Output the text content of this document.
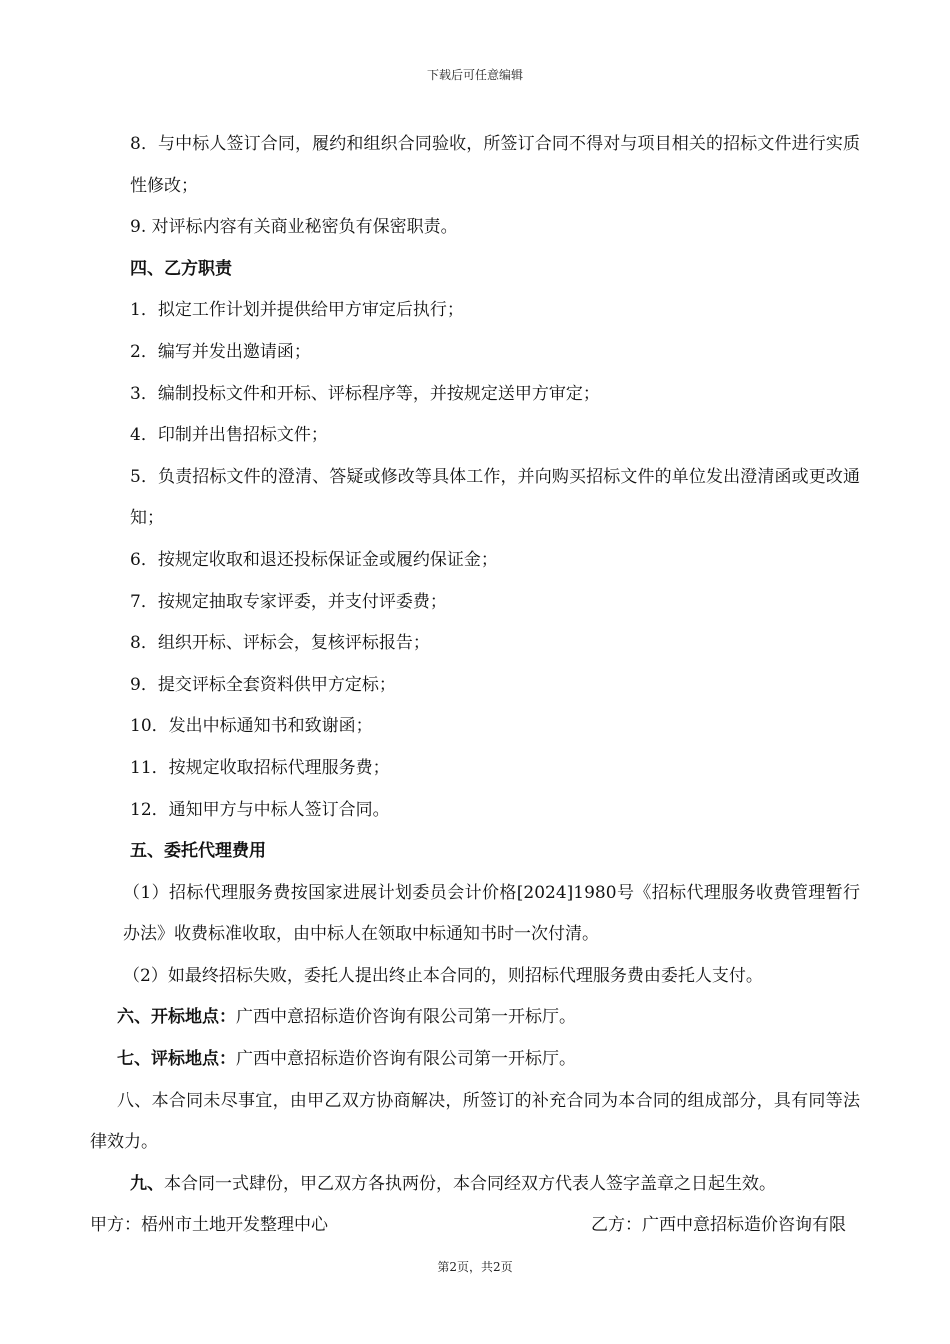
下载后可任意编辑

8．与中标人签订合同，履约和组织合同验收，所签订合同不得对与项目相关的招标文件进行实质性修改；

9. 对评标内容有关商业秘密负有保密职责。

四、乙方职责

1．拟定工作计划并提供给甲方审定后执行；

2．编写并发出邀请函；

3．编制投标文件和开标、评标程序等，并按规定送甲方审定；

4．印制并出售招标文件；

5．负责招标文件的澄清、答疑或修改等具体工作，并向购买招标文件的单位发出澄清函或更改通知；

6．按规定收取和退还投标保证金或履约保证金；

7．按规定抽取专家评委，并支付评委费；

8．组织开标、评标会，复核评标报告；

9．提交评标全套资料供甲方定标；

10．发出中标通知书和致谢函；

11．按规定收取招标代理服务费；

12．通知甲方与中标人签订合同。

五、委托代理费用

（1）招标代理服务费按国家进展计划委员会计价格[2024]1980号《招标代理服务收费管理暂行办法》收费标准收取，由中标人在领取中标通知书时一次付清。

（2）如最终招标失败，委托人提出终止本合同的，则招标代理服务费由委托人支付。

六、开标地点：广西中意招标造价咨询有限公司第一开标厅。

七、评标地点：广西中意招标造价咨询有限公司第一开标厅。

八、本合同未尽事宜，由甲乙双方协商解决，所签订的补充合同为本合同的组成部分，具有同等法律效力。

九、本合同一式肆份，甲乙双方各执两份，本合同经双方代表人签字盖章之日起生效。

甲方：梧州市土地开发整理中心	乙方：广西中意招标造价咨询有限
第2页，共2页
